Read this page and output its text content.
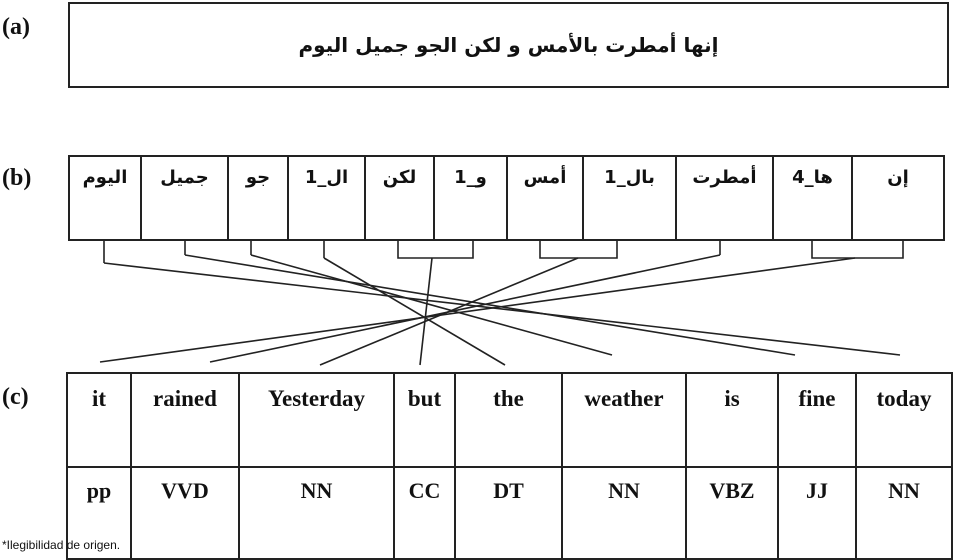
(a)
(b)
(c)
إنها أمطرت بالأمس و لكن الجو جميل اليوم
اليوم جميل جو ال_1 لكن و_1 أمس بال_1 أمطرت ها_4	إن
it	rained	Yesterday	but	the	weather	is	fine	today
pp	VVD	NN	CC	DT	NN	VBZ	JJ	NN
*Ilegibilidad de origen.
